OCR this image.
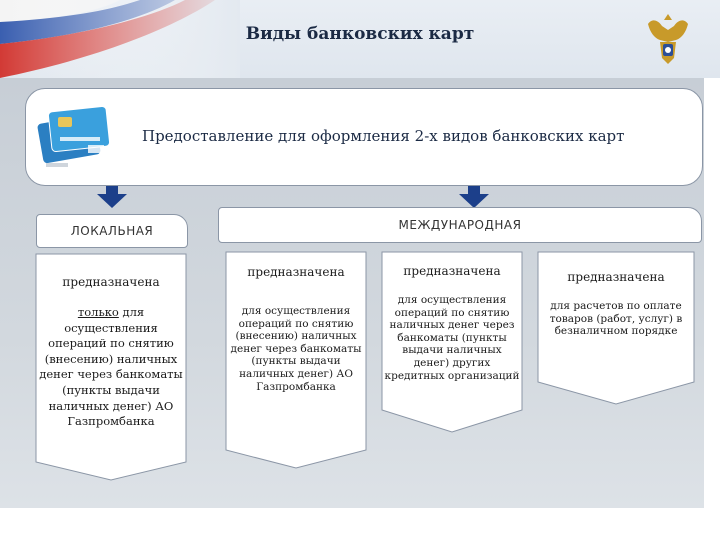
Виды банковских карт
Предоставление для оформления 2-х видов банковских карт
ЛОКАЛЬНАЯ	МЕЖДУНАРОДНАЯ
предназначена
только для осуществления операций по снятию (внесению) наличных денег через банкоматы (пункты выдачи наличных денег) АО Газпромбанка
предназначена
для осуществления операций по снятию (внесению) наличных денег через банкоматы (пункты выдачи наличных денег) АО Газпромбанка
предназначена
для осуществления операций по снятию наличных денег через банкоматы (пункты выдачи наличных денег) других кредитных организаций
предназначена
для расчетов по оплате товаров (работ, услуг) в безналичном порядке
